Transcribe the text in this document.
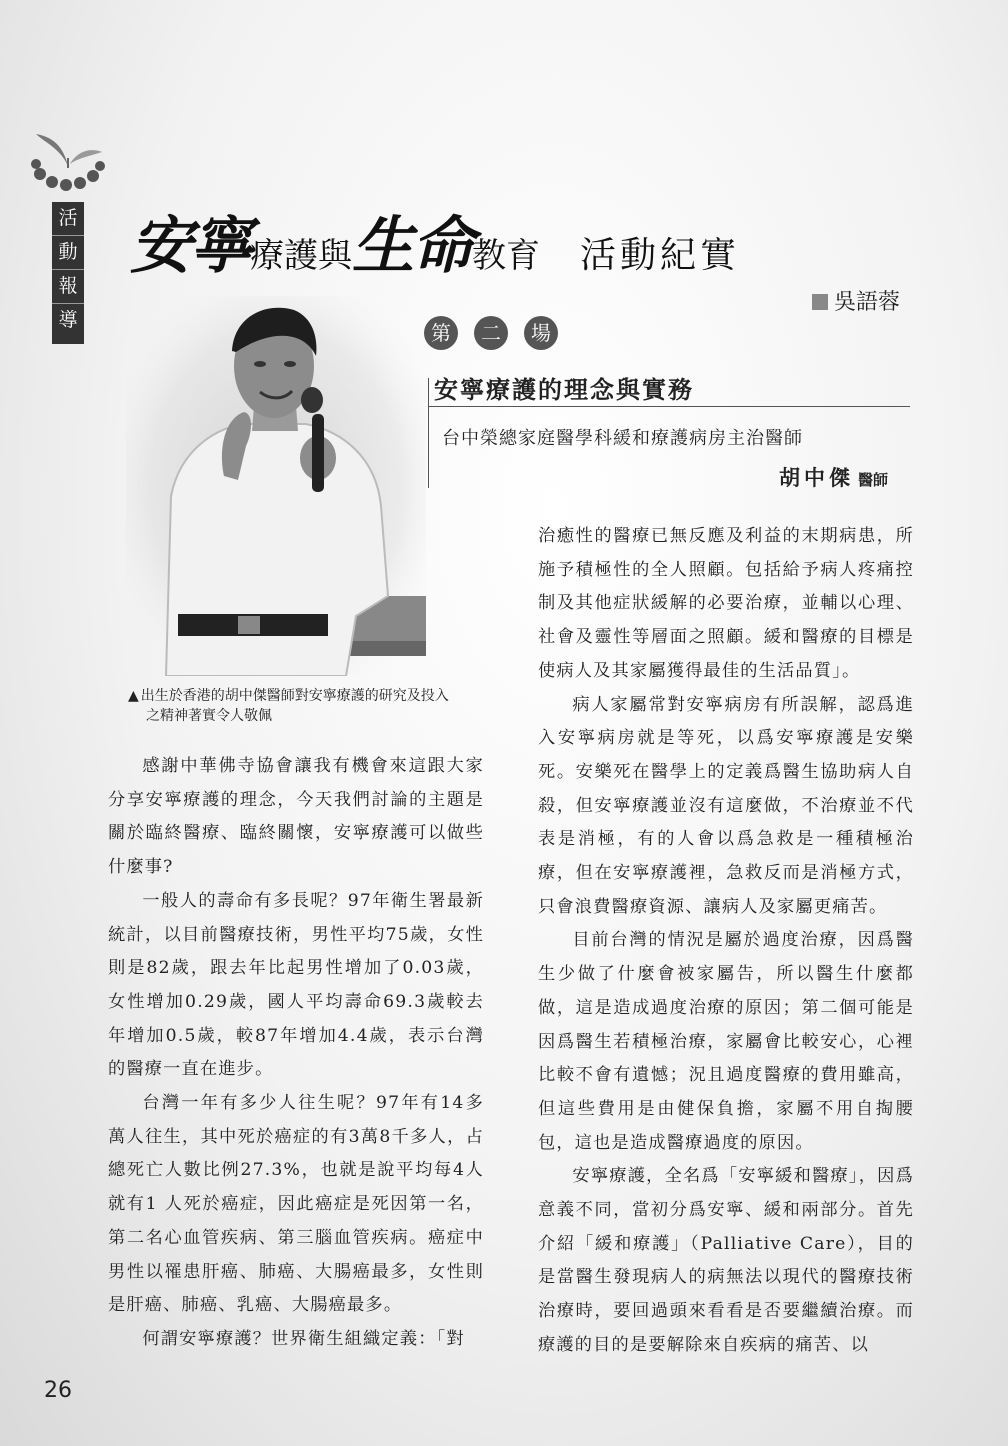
活
動
報
導
安寧療護與生命教育 活動紀實
吳語蓉
第 二 場
安寧療護的理念與實務
台中榮總家庭醫學科緩和療護病房主治醫師
胡中傑 醫師
▲ 出生於香港的胡中傑醫師對安寧療護的研究及投入
之精神著實令人敬佩

治癒性的醫療已無反應及利益的末期病患，所施予積極性的全人照顧。包括給予病人疼痛控制及其他症狀緩解的必要治療，並輔以心理、社會及靈性等層面之照顧。緩和醫療的目標是使病人及其家屬獲得最佳的生活品質」。

病人家屬常對安寧病房有所誤解，認爲進入安寧病房就是等死，以爲安寧療護是安樂死。安樂死在醫學上的定義爲醫生協助病人自殺，但安寧療護並沒有這麼做，不治療並不代表是消極，有的人會以爲急救是一種積極治療，但在安寧療護裡，急救反而是消極方式，只會浪費醫療資源、讓病人及家屬更痛苦。

目前台灣的情況是屬於過度治療，因爲醫生少做了什麼會被家屬告，所以醫生什麼都做，這是造成過度治療的原因；第二個可能是因爲醫生若積極治療，家屬會比較安心，心裡比較不會有遺憾；況且過度醫療的費用雖高，但這些費用是由健保負擔，家屬不用自掏腰包，這也是造成醫療過度的原因。

安寧療護，全名爲「安寧緩和醫療」，因爲意義不同，當初分爲安寧、緩和兩部分。首先介紹「緩和療護」（Palliative Care），目的是當醫生發現病人的病無法以現代的醫療技術治療時，要回過頭來看看是否要繼續治療。而療護的目的是要解除來自疾病的痛苦、以

感謝中華佛寺協會讓我有機會來這跟大家分享安寧療護的理念，今天我們討論的主題是關於臨終醫療、臨終關懷，安寧療護可以做些什麼事?

一般人的壽命有多長呢？97年衛生署最新統計，以目前醫療技術，男性平均75歲，女性則是82歲，跟去年比起男性增加了0.03歲，女性增加0.29歲，國人平均壽命69.3歲較去年增加0.5歲，較87年增加4.4歲，表示台灣的醫療一直在進步。

台灣一年有多少人往生呢？97年有14多萬人往生，其中死於癌症的有3萬8千多人，占總死亡人數比例27.3%，也就是說平均每4人就有1 人死於癌症，因此癌症是死因第一名，第二名心血管疾病、第三腦血管疾病。癌症中男性以罹患肝癌、肺癌、大腸癌最多，女性則是肝癌、肺癌、乳癌、大腸癌最多。

何謂安寧療護？世界衛生組織定義：「對

26
